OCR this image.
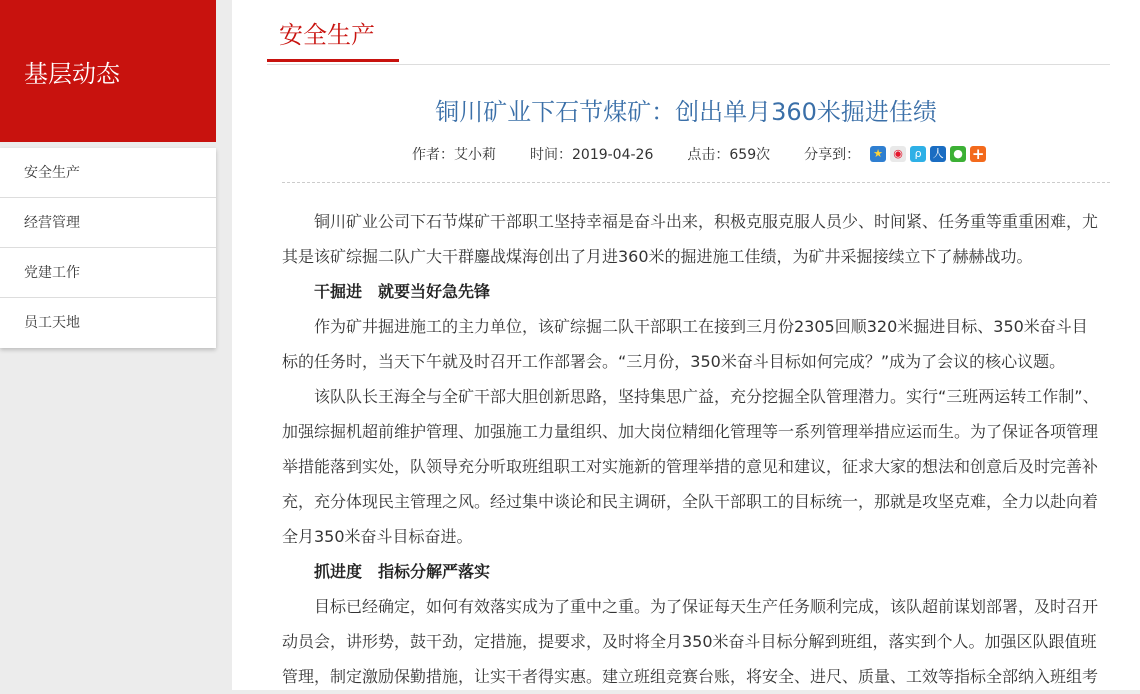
基层动态
安全生产
经营管理
党建工作
员工天地
安全生产
铜川矿业下石节煤矿：创出单月360米掘进佳绩
作者：艾小莉 时间：2019-04-26 点击：659次 分享到： ★ ◉	ρ	人 ● +

铜川矿业公司下石节煤矿干部职工坚持幸福是奋斗出来，积极克服克服人员少、时间紧、任务重等重重困难，尤其是该矿综掘二队广大干群鏖战煤海创出了月进360米的掘进施工佳绩，为矿井采掘接续立下了赫赫战功。

干掘进　就要当好急先锋

作为矿井掘进施工的主力单位，该矿综掘二队干部职工在接到三月份2305回顺320米掘进目标、350米奋斗目标的任务时，当天下午就及时召开工作部署会。“三月份，350米奋斗目标如何完成？”成为了会议的核心议题。

该队队长王海全与全矿干部大胆创新思路，坚持集思广益，充分挖掘全队管理潜力。实行“三班两运转工作制”、加强综掘机超前维护管理、加强施工力量组织、加大岗位精细化管理等一系列管理举措应运而生。为了保证各项管理举措能落到实处，队领导充分听取班组职工对实施新的管理举措的意见和建议，征求大家的想法和创意后及时完善补充，充分体现民主管理之风。经过集中谈论和民主调研，全队干部职工的目标统一，那就是攻坚克难，全力以赴向着全月350米奋斗目标奋进。

抓进度　指标分解严落实

目标已经确定，如何有效落实成为了重中之重。为了保证每天生产任务顺利完成，该队超前谋划部署，及时召开动员会，讲形势，鼓干劲，定措施，提要求，及时将全月350米奋斗目标分解到班组，落实到个人。加强区队跟值班管理，制定激励保勤措施，让实干者得实惠。建立班组竞赛台账，将安全、进尺、质量、工效等指标全部纳入班组考
